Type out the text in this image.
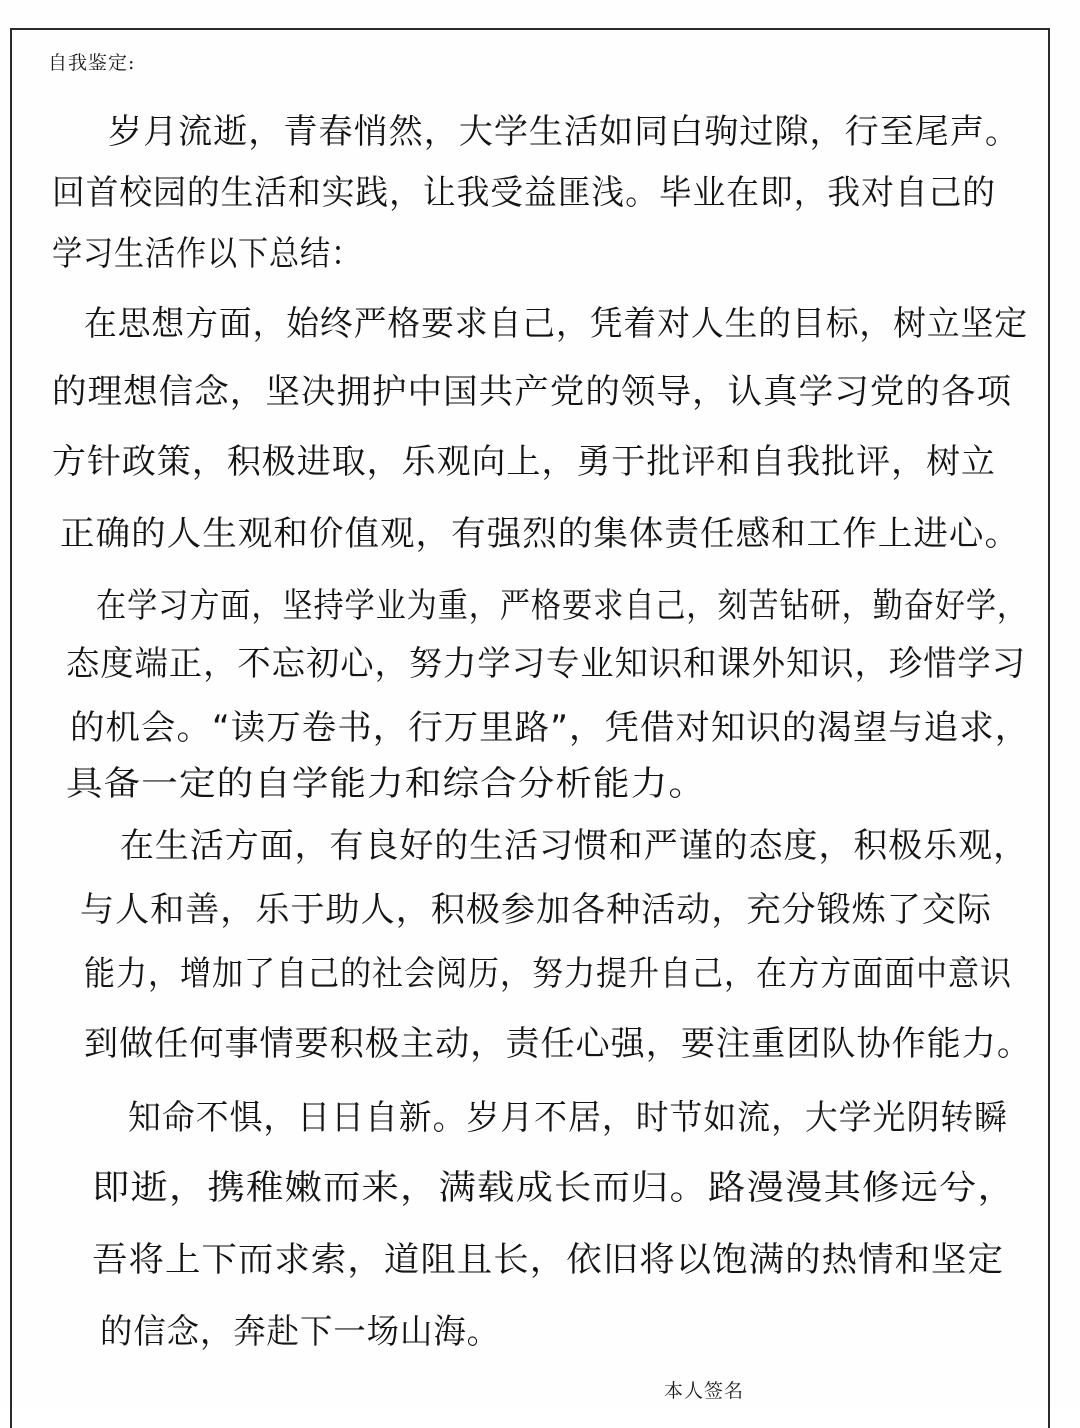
自我鉴定:
岁月流逝，青春悄然，大学生活如同白驹过隙，行至尾声。
回首校园的生活和实践，让我受益匪浅。毕业在即，我对自己的
学习生活作以下总结：
在思想方面，始终严格要求自己，凭着对人生的目标，树立坚定
的理想信念，坚决拥护中国共产党的领导，认真学习党的各项
方针政策，积极进取，乐观向上，勇于批评和自我批评，树立
正确的人生观和价值观，有强烈的集体责任感和工作上进心。
在学习方面，坚持学业为重，严格要求自己，刻苦钻研，勤奋好学，
态度端正，不忘初心，努力学习专业知识和课外知识，珍惜学习
的机会。“读万卷书，行万里路”，凭借对知识的渴望与追求，
具备一定的自学能力和综合分析能力。
在生活方面，有良好的生活习惯和严谨的态度，积极乐观，
与人和善，乐于助人，积极参加各种活动，充分锻炼了交际
能力，增加了自己的社会阅历，努力提升自己，在方方面面中意识
到做任何事情要积极主动，责任心强，要注重团队协作能力。
知命不惧，日日自新。岁月不居，时节如流，大学光阴转瞬
即逝，携稚嫩而来，满载成长而归。路漫漫其修远兮，
吾将上下而求索，道阻且长，依旧将以饱满的热情和坚定
的信念，奔赴下一场山海。
本人签名
